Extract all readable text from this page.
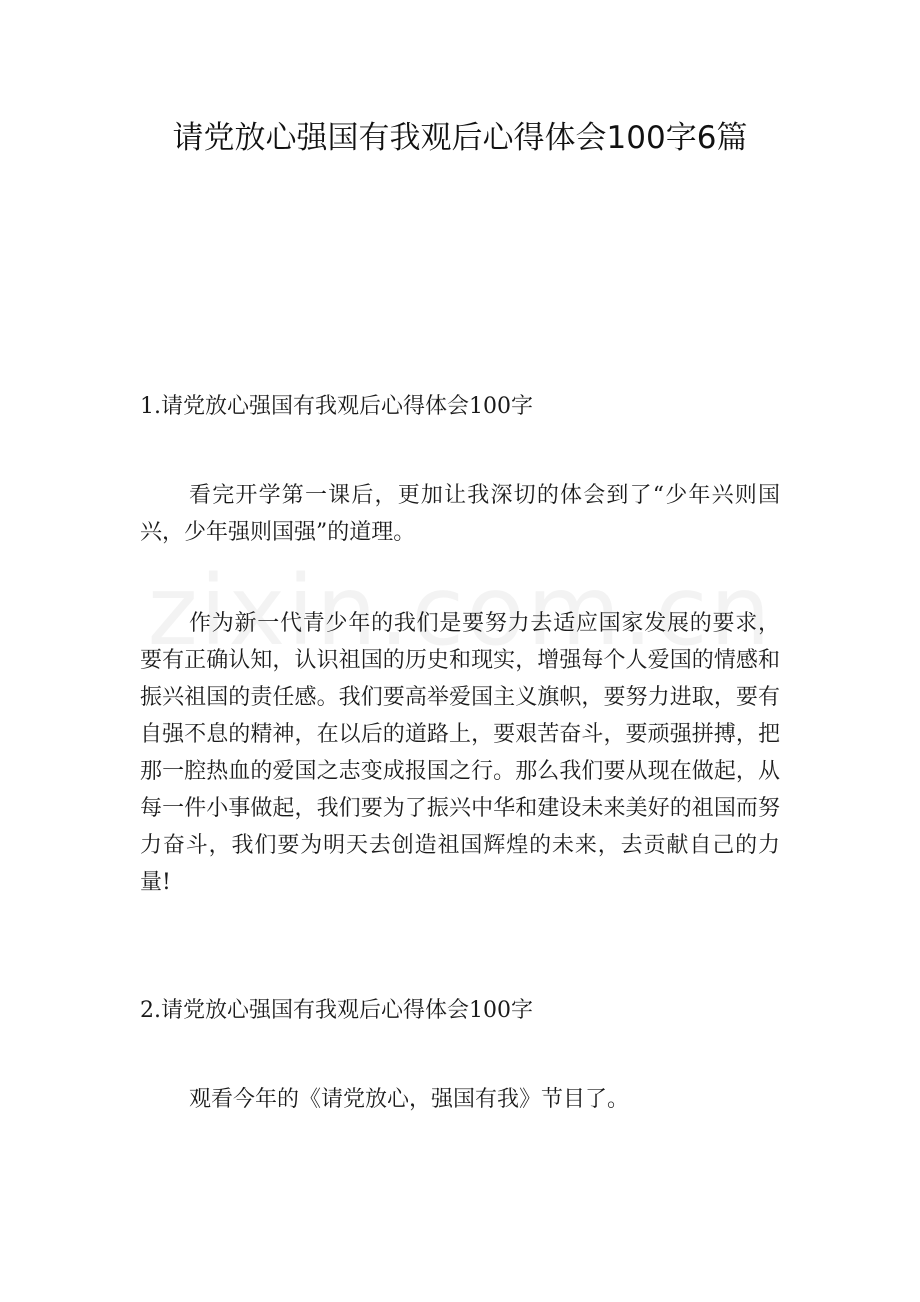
请党放心强国有我观后心得体会100字6篇
1.请党放心强国有我观后心得体会100字

看完开学第一课后，更加让我深切的体会到了“少年兴则国兴，少年强则国强”的道理。

作为新一代青少年的我们是要努力去适应国家发展的要求，要有正确认知，认识祖国的历史和现实，增强每个人爱国的情感和振兴祖国的责任感。我们要高举爱国主义旗帜，要努力进取，要有自强不息的精神，在以后的道路上，要艰苦奋斗，要顽强拼搏，把那一腔热血的爱国之志变成报国之行。那么我们要从现在做起，从每一件小事做起，我们要为了振兴中华和建设未来美好的祖国而努力奋斗，我们要为明天去创造祖国辉煌的未来，去贡献自己的力量!

2.请党放心强国有我观后心得体会100字

观看今年的《请党放心，强国有我》节目了。
